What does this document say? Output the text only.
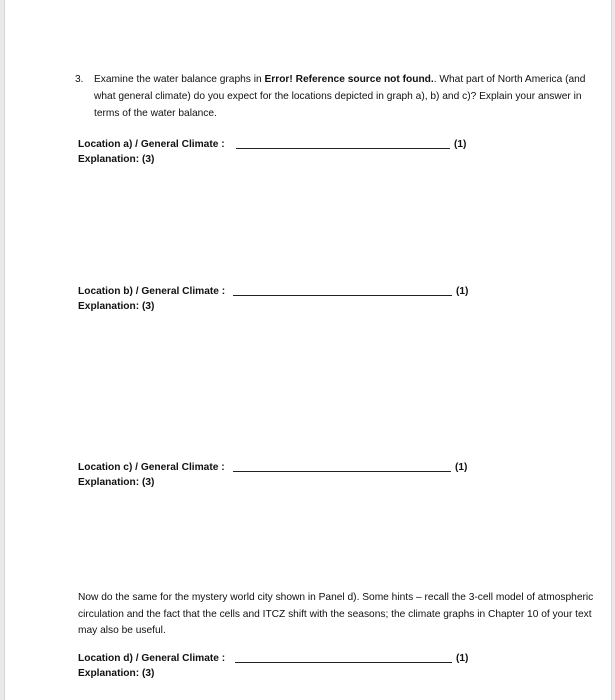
3. Examine the water balance graphs in Error! Reference source not found.. What part of North America (and what general climate) do you expect for the locations depicted in graph a), b) and c)? Explain your answer in terms of the water balance.
Location a) / General Climate :	(1)
Explanation: (3)
Location b) / General Climate :	(1)
Explanation: (3)
Location c) / General Climate :	(1)
Explanation: (3)
Now do the same for the mystery world city shown in Panel d). Some hints – recall the 3-cell model of atmospheric circulation and the fact that the cells and ITCZ shift with the seasons; the climate graphs in Chapter 10 of your text may also be useful.
Location d) / General Climate :	(1)
Explanation: (3)
